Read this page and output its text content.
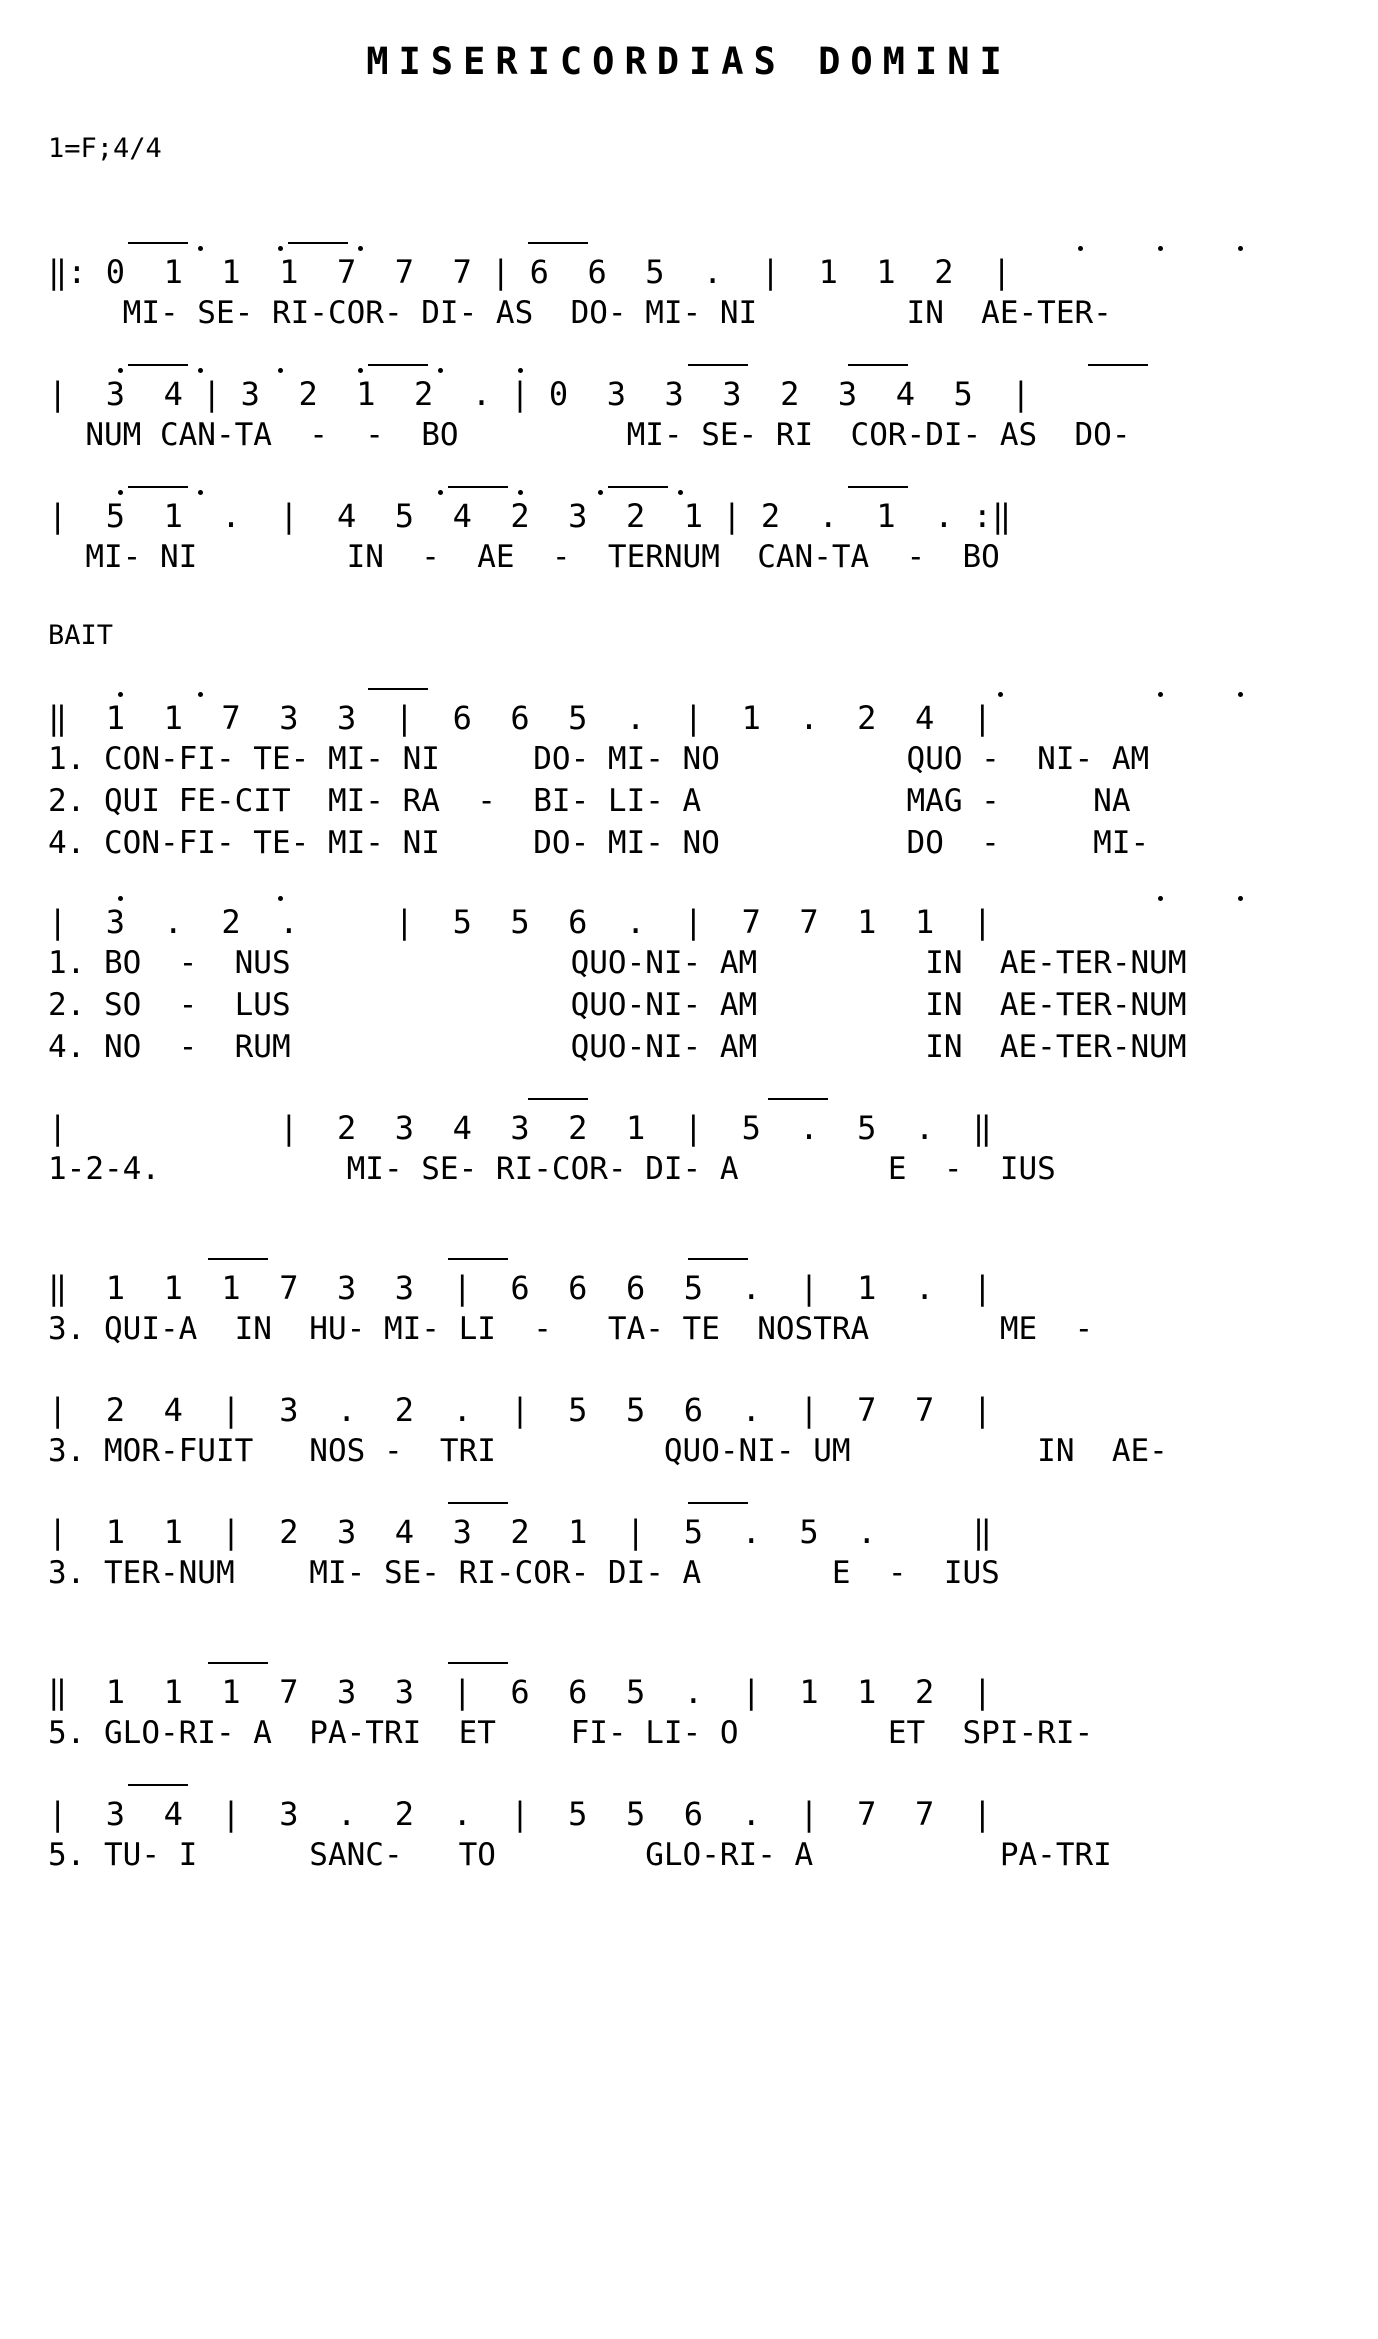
MISERICORDIAS DOMINI
1=F;4/4
‖: 0  1  1  1  7  7  7 | 6  6  5  .  |  1  1  2  |
MI- SE- RI-COR- DI- AS  DO- MI- NI        IN  AE-TER-
|  3  4 | 3  2  1  2  . | 0  3  3  3  2  3  4  5  |
NUM CAN-TA  -  -  BO         MI- SE- RI  COR-DI- AS  DO-
|  5  1  .  |  4  5  4  2  3  2  1 | 2  .  1  . :‖
MI- NI        IN  -  AE  -  TERNUM  CAN-TA  -  BO
BAIT
‖  1  1  7  3  3  |  6  6  5  .  |  1  .  2  4  |
1. CON-FI- TE- MI- NI     DO- MI- NO          QUO -  NI- AM
2. QUI FE-CIT  MI- RA  -  BI- LI- A           MAG -     NA
4. CON-FI- TE- MI- NI     DO- MI- NO          DO  -     MI-
|  3  .  2  .     |  5  5  6  .  |  7  7  1  1  |
1. BO  -  NUS               QUO-NI- AM         IN  AE-TER-NUM
2. SO  -  LUS               QUO-NI- AM         IN  AE-TER-NUM
4. NO  -  RUM               QUO-NI- AM         IN  AE-TER-NUM
|           |  2  3  4  3  2  1  |  5  .  5  .  ‖
1-2-4.          MI- SE- RI-COR- DI- A        E  -  IUS
‖  1  1  1  7  3  3  |  6  6  6  5  .  |  1  .  |
3. QUI-A  IN  HU- MI- LI  -   TA- TE  NOSTRA       ME  -
|  2  4  |  3  .  2  .  |  5  5  6  .  |  7  7  |
3. MOR-FUIT   NOS -  TRI         QUO-NI- UM          IN  AE-
|  1  1  |  2  3  4  3  2  1  |  5  .  5  .     ‖
3. TER-NUM    MI- SE- RI-COR- DI- A       E  -  IUS
‖  1  1  1  7  3  3  |  6  6  5  .  |  1  1  2  |
5. GLO-RI- A  PA-TRI  ET    FI- LI- O        ET  SPI-RI-
|  3  4  |  3  .  2  .  |  5  5  6  .  |  7  7  |
5. TU- I      SANC-   TO        GLO-RI- A          PA-TRI
